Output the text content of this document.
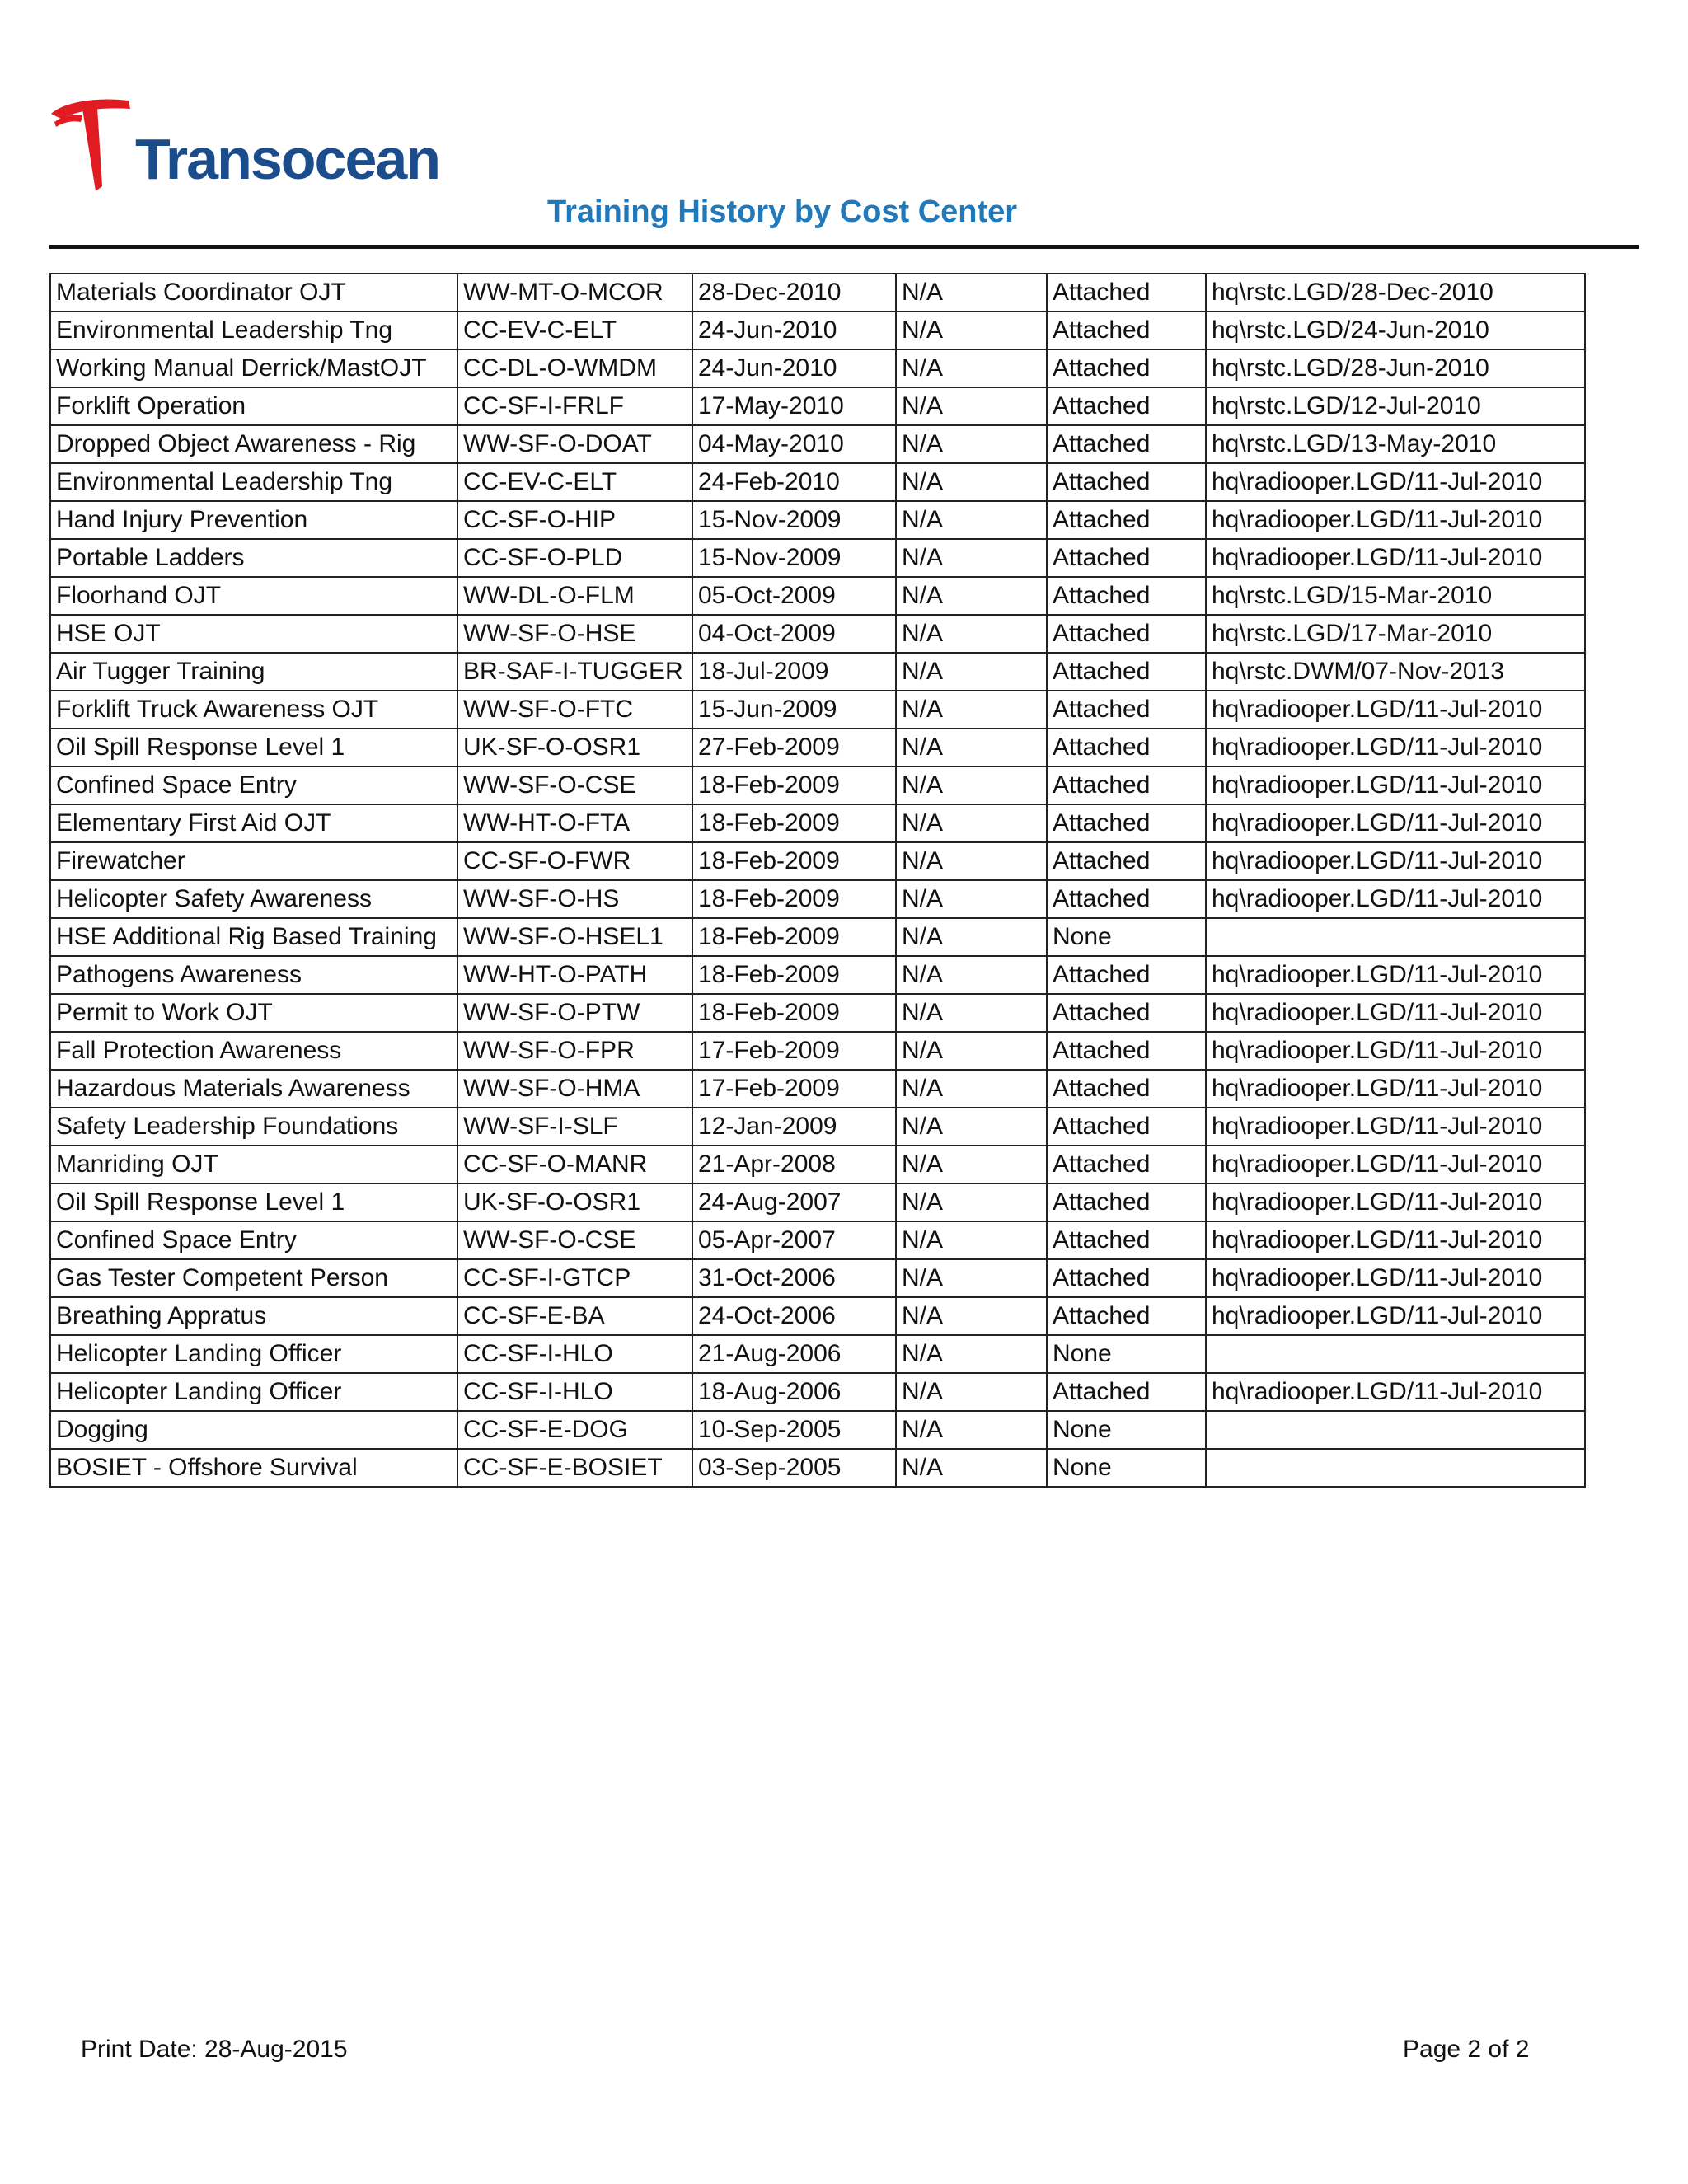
Transocean
Training History by Cost Center
Materials Coordinator OJT	WW-MT-O-MCOR	28-Dec-2010	N/A	Attached	hq\rstc.LGD/28-Dec-2010
Environmental Leadership Tng	CC-EV-C-ELT	24-Jun-2010	N/A	Attached	hq\rstc.LGD/24-Jun-2010
Working Manual Derrick/MastOJT	CC-DL-O-WMDM	24-Jun-2010	N/A	Attached	hq\rstc.LGD/28-Jun-2010
Forklift Operation	CC-SF-I-FRLF	17-May-2010	N/A	Attached	hq\rstc.LGD/12-Jul-2010
Dropped Object Awareness - Rig	WW-SF-O-DOAT	04-May-2010	N/A	Attached	hq\rstc.LGD/13-May-2010
Environmental Leadership Tng	CC-EV-C-ELT	24-Feb-2010	N/A	Attached	hq\radiooper.LGD/11-Jul-2010
Hand Injury Prevention	CC-SF-O-HIP	15-Nov-2009	N/A	Attached	hq\radiooper.LGD/11-Jul-2010
Portable Ladders	CC-SF-O-PLD	15-Nov-2009	N/A	Attached	hq\radiooper.LGD/11-Jul-2010
Floorhand OJT	WW-DL-O-FLM	05-Oct-2009	N/A	Attached	hq\rstc.LGD/15-Mar-2010
HSE OJT	WW-SF-O-HSE	04-Oct-2009	N/A	Attached	hq\rstc.LGD/17-Mar-2010
Air Tugger Training	BR-SAF-I-TUGGER	18-Jul-2009	N/A	Attached	hq\rstc.DWM/07-Nov-2013
Forklift Truck Awareness OJT	WW-SF-O-FTC	15-Jun-2009	N/A	Attached	hq\radiooper.LGD/11-Jul-2010
Oil Spill Response Level 1	UK-SF-O-OSR1	27-Feb-2009	N/A	Attached	hq\radiooper.LGD/11-Jul-2010
Confined Space Entry	WW-SF-O-CSE	18-Feb-2009	N/A	Attached	hq\radiooper.LGD/11-Jul-2010
Elementary First Aid OJT	WW-HT-O-FTA	18-Feb-2009	N/A	Attached	hq\radiooper.LGD/11-Jul-2010
Firewatcher	CC-SF-O-FWR	18-Feb-2009	N/A	Attached	hq\radiooper.LGD/11-Jul-2010
Helicopter Safety Awareness	WW-SF-O-HS	18-Feb-2009	N/A	Attached	hq\radiooper.LGD/11-Jul-2010
HSE Additional Rig Based Training	WW-SF-O-HSEL1	18-Feb-2009	N/A	None	
Pathogens Awareness	WW-HT-O-PATH	18-Feb-2009	N/A	Attached	hq\radiooper.LGD/11-Jul-2010
Permit to Work OJT	WW-SF-O-PTW	18-Feb-2009	N/A	Attached	hq\radiooper.LGD/11-Jul-2010
Fall Protection Awareness	WW-SF-O-FPR	17-Feb-2009	N/A	Attached	hq\radiooper.LGD/11-Jul-2010
Hazardous Materials Awareness	WW-SF-O-HMA	17-Feb-2009	N/A	Attached	hq\radiooper.LGD/11-Jul-2010
Safety Leadership Foundations	WW-SF-I-SLF	12-Jan-2009	N/A	Attached	hq\radiooper.LGD/11-Jul-2010
Manriding OJT	CC-SF-O-MANR	21-Apr-2008	N/A	Attached	hq\radiooper.LGD/11-Jul-2010
Oil Spill Response Level 1	UK-SF-O-OSR1	24-Aug-2007	N/A	Attached	hq\radiooper.LGD/11-Jul-2010
Confined Space Entry	WW-SF-O-CSE	05-Apr-2007	N/A	Attached	hq\radiooper.LGD/11-Jul-2010
Gas Tester Competent Person	CC-SF-I-GTCP	31-Oct-2006	N/A	Attached	hq\radiooper.LGD/11-Jul-2010
Breathing Appratus	CC-SF-E-BA	24-Oct-2006	N/A	Attached	hq\radiooper.LGD/11-Jul-2010
Helicopter Landing Officer	CC-SF-I-HLO	21-Aug-2006	N/A	None	
Helicopter Landing Officer	CC-SF-I-HLO	18-Aug-2006	N/A	Attached	hq\radiooper.LGD/11-Jul-2010
Dogging	CC-SF-E-DOG	10-Sep-2005	N/A	None	
BOSIET - Offshore Survival	CC-SF-E-BOSIET	03-Sep-2005	N/A	None	
Print Date: 28-Aug-2015	Page 2 of 2
